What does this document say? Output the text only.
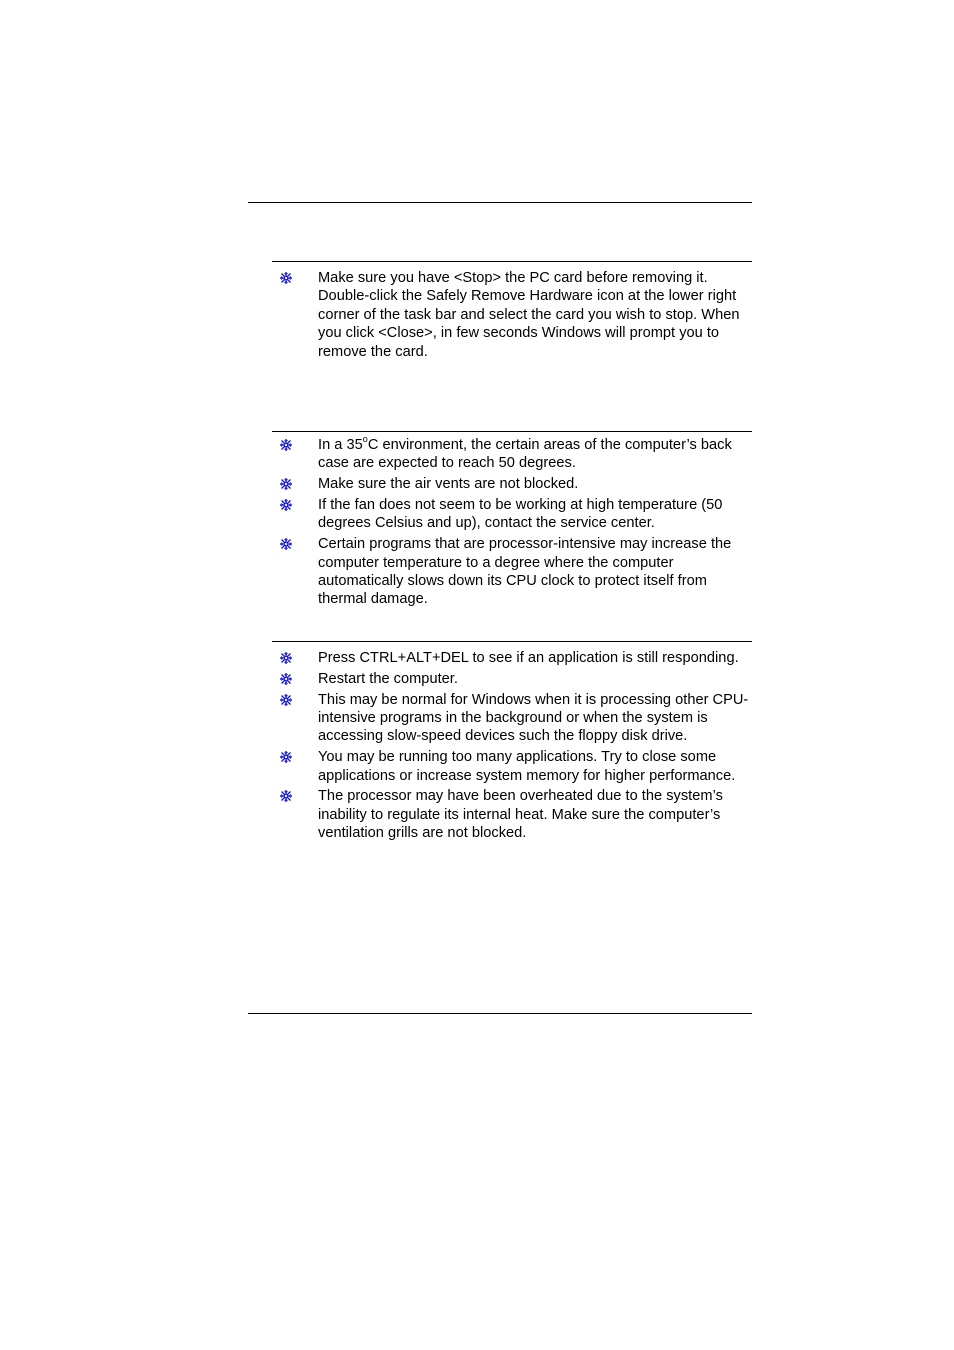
Make sure you have <Stop> the PC card before removing it. Double-click the Safely Remove Hardware icon at the lower right corner of the task bar and select the card you wish to stop. When you click <Close>, in few seconds Windows will prompt you to remove the card.
In a 35$^o$C environment, the certain areas of the computer’s back case are expected to reach 50 degrees.
Make sure the air vents are not blocked.
If the fan does not seem to be working at high temperature (50 degrees Celsius and up), contact the service center.
Certain programs that are processor-intensive may increase the computer temperature to a degree where the computer automatically slows down its CPU clock to protect itself from thermal damage.
Press CTRL+ALT+DEL to see if an application is still responding.
Restart the computer.
This may be normal for Windows when it is processing other CPU-intensive programs in the background or when the system is accessing slow-speed devices such the floppy disk drive.
You may be running too many applications. Try to close some applications or increase system memory for higher performance.
The processor may have been overheated due to the system’s inability to regulate its internal heat. Make sure the computer’s ventilation grills are not blocked.
